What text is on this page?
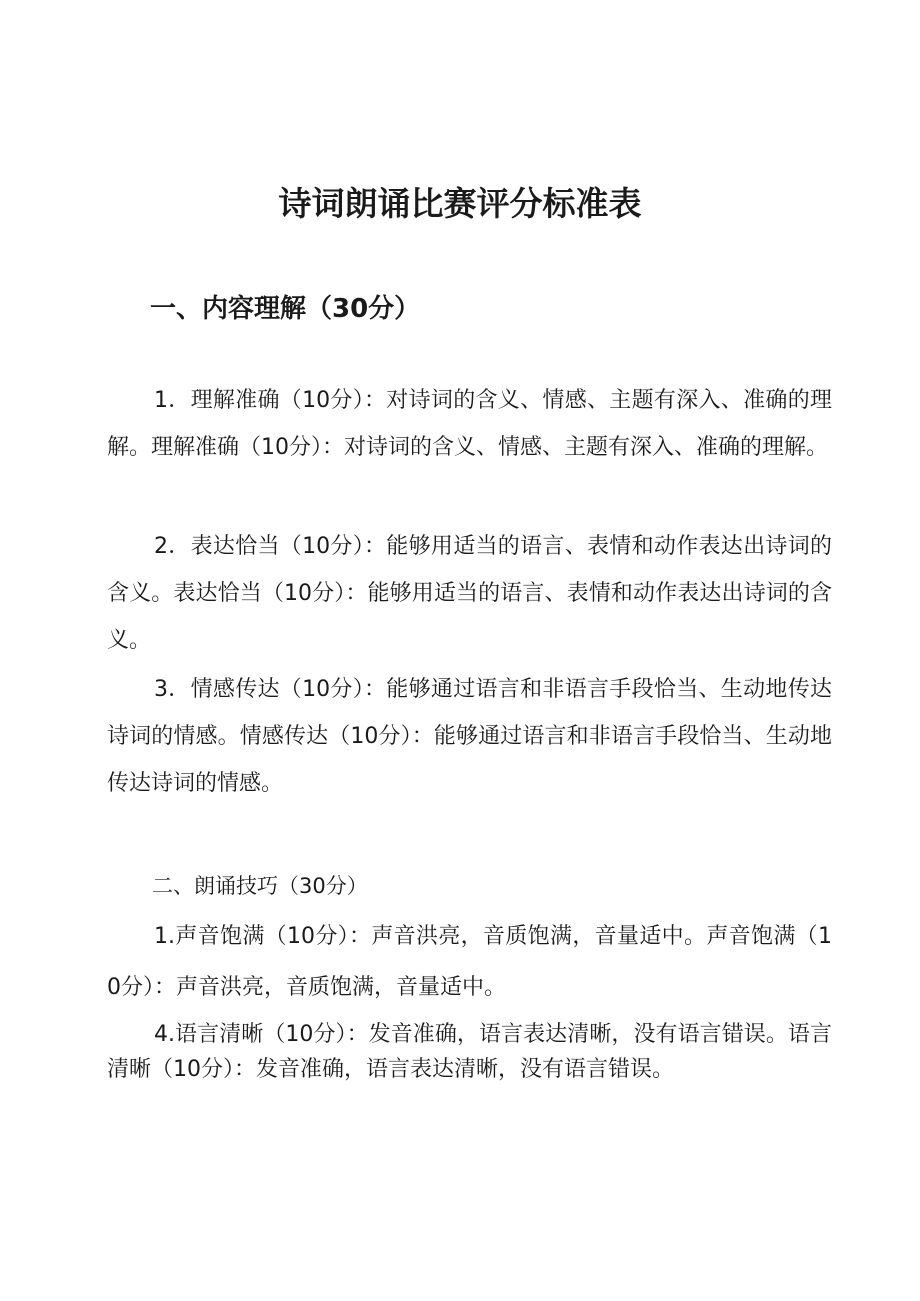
诗词朗诵比赛评分标准表
一、内容理解（30分）

1．理解准确（10分）：对诗词的含义、情感、主题有深入、准确的理解。理解准确（10分）：对诗词的含义、情感、主题有深入、准确的理解。

2．表达恰当（10分）：能够用适当的语言、表情和动作表达出诗词的含义。表达恰当（10分）：能够用适当的语言、表情和动作表达出诗词的含义。

3．情感传达（10分）：能够通过语言和非语言手段恰当、生动地传达诗词的情感。情感传达（10分）：能够通过语言和非语言手段恰当、生动地传达诗词的情感。

二、朗诵技巧（30分）

1.声音饱满（10分）：声音洪亮，音质饱满，音量适中。声音饱满（10分）：声音洪亮，音质饱满，音量适中。

4.语言清晰（10分）：发音准确，语言表达清晰，没有语言错误。语言清晰（10分）：发音准确，语言表达清晰，没有语言错误。
